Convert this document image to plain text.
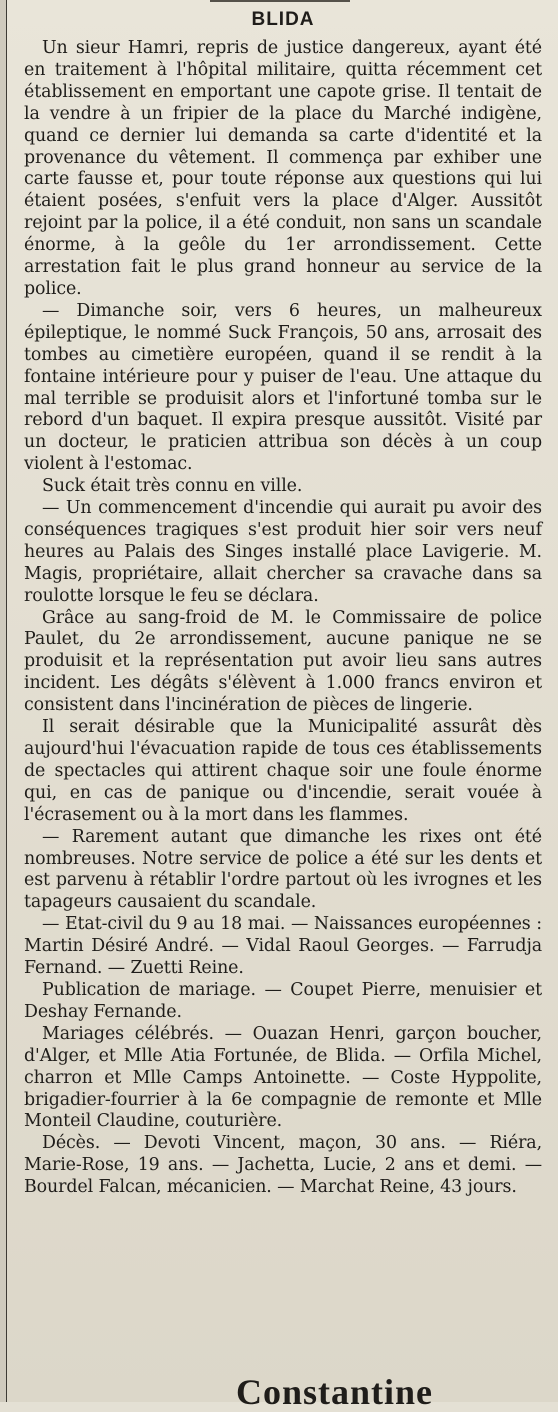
BLIDA

Un sieur Hamri, repris de justice dangereux, ayant été en traitement à l'hôpital militaire, quitta récemment cet établissement en emportant une capote grise. Il tentait de la vendre à un fripier de la place du Marché indigène, quand ce dernier lui demanda sa carte d'identité et la provenance du vêtement. Il commença par exhiber une carte fausse et, pour toute réponse aux questions qui lui étaient posées, s'enfuit vers la place d'Alger. Aussitôt rejoint par la police, il a été conduit, non sans un scandale énorme, à la geôle du 1er arrondissement. Cette arrestation fait le plus grand honneur au service de la police.

— Dimanche soir, vers 6 heures, un malheureux épileptique, le nommé Suck François, 50 ans, arrosait des tombes au cimetière européen, quand il se rendit à la fontaine intérieure pour y puiser de l'eau. Une attaque du mal terrible se produisit alors et l'infortuné tomba sur le rebord d'un baquet. Il expira presque aussitôt. Visité par un docteur, le praticien attribua son décès à un coup violent à l'estomac.

Suck était très connu en ville.

— Un commencement d'incendie qui aurait pu avoir des conséquences tragiques s'est produit hier soir vers neuf heures au Palais des Singes installé place Lavigerie. M. Magis, propriétaire, allait chercher sa cravache dans sa roulotte lorsque le feu se déclara.

Grâce au sang-froid de M. le Commissaire de police Paulet, du 2e arrondissement, aucune panique ne se produisit et la représentation put avoir lieu sans autres incident. Les dégâts s'élèvent à 1.000 francs environ et consistent dans l'incinération de pièces de lingerie.

Il serait désirable que la Municipalité assurât dès aujourd'hui l'évacuation rapide de tous ces établissements de spectacles qui attirent chaque soir une foule énorme qui, en cas de panique ou d'incendie, serait vouée à l'écrasement ou à la mort dans les flammes.

— Rarement autant que dimanche les rixes ont été nombreuses. Notre service de police a été sur les dents et est parvenu à rétablir l'ordre partout où les ivrognes et les tapageurs causaient du scandale.

— Etat-civil du 9 au 18 mai. — Naissances européennes : Martin Désiré André. — Vidal Raoul Georges. — Farrudja Fernand. — Zuetti Reine.

Publication de mariage. — Coupet Pierre, menuisier et Deshay Fernande.

Mariages célébrés. — Ouazan Henri, garçon boucher, d'Alger, et Mlle Atia Fortunée, de Blida. — Orfila Michel, charron et Mlle Camps Antoinette. — Coste Hyppolite, brigadier-fourrier à la 6e compagnie de remonte et Mlle Monteil Claudine, couturière.

Décès. — Devoti Vincent, maçon, 30 ans. — Riéra, Marie-Rose, 19 ans. — Jachetta, Lucie, 2 ans et demi. — Bourdel Falcan, mécanicien. — Marchat Reine, 43 jours.

Constantine
